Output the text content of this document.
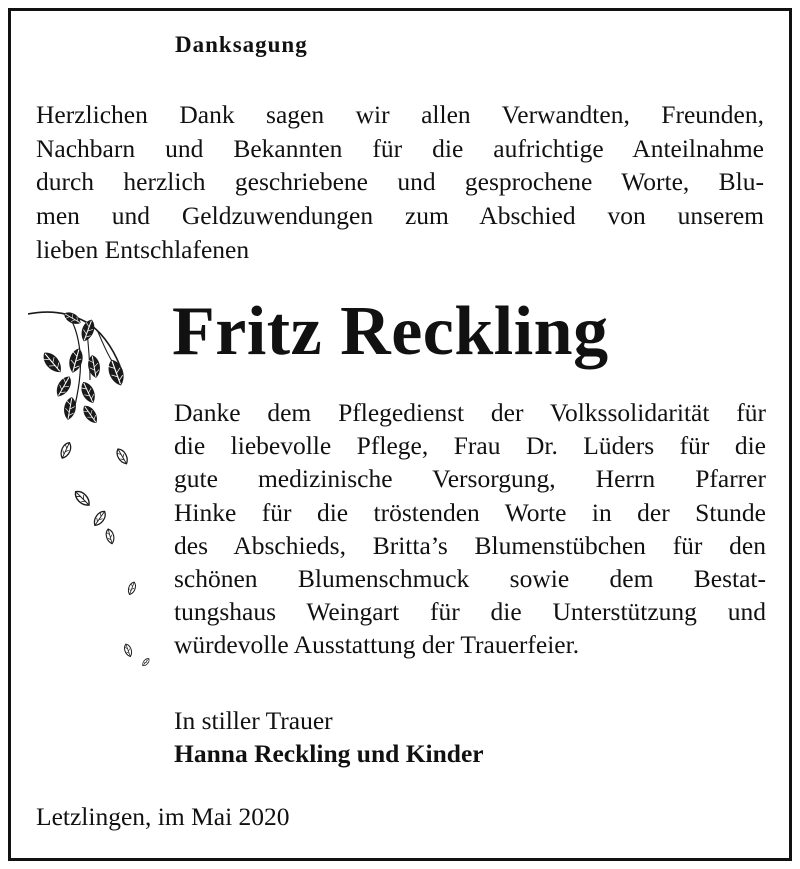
Danksagung

Herzlichen Dank sagen wir allen Verwandten, Freunden,
Nachbarn und Bekannten für die aufrichtige Anteilnahme
durch herzlich geschriebene und gesprochene Worte, Blu-
men und Geldzuwendungen zum Abschied von unserem
lieben Entschlafenen

Fritz Reckling

Danke dem Pflegedienst der Volkssolidarität für
die liebevolle Pflege, Frau Dr. Lüders für die
gute medizinische Versorgung, Herrn Pfarrer
Hinke für die tröstenden Worte in der Stunde
des Abschieds, Britta’s Blumenstübchen für den
schönen Blumenschmuck sowie dem Bestat-
tungshaus Weingart für die Unterstützung und
würdevolle Ausstattung der Trauerfeier.

In stiller Trauer

Hanna Reckling und Kinder

Letzlingen, im Mai 2020
